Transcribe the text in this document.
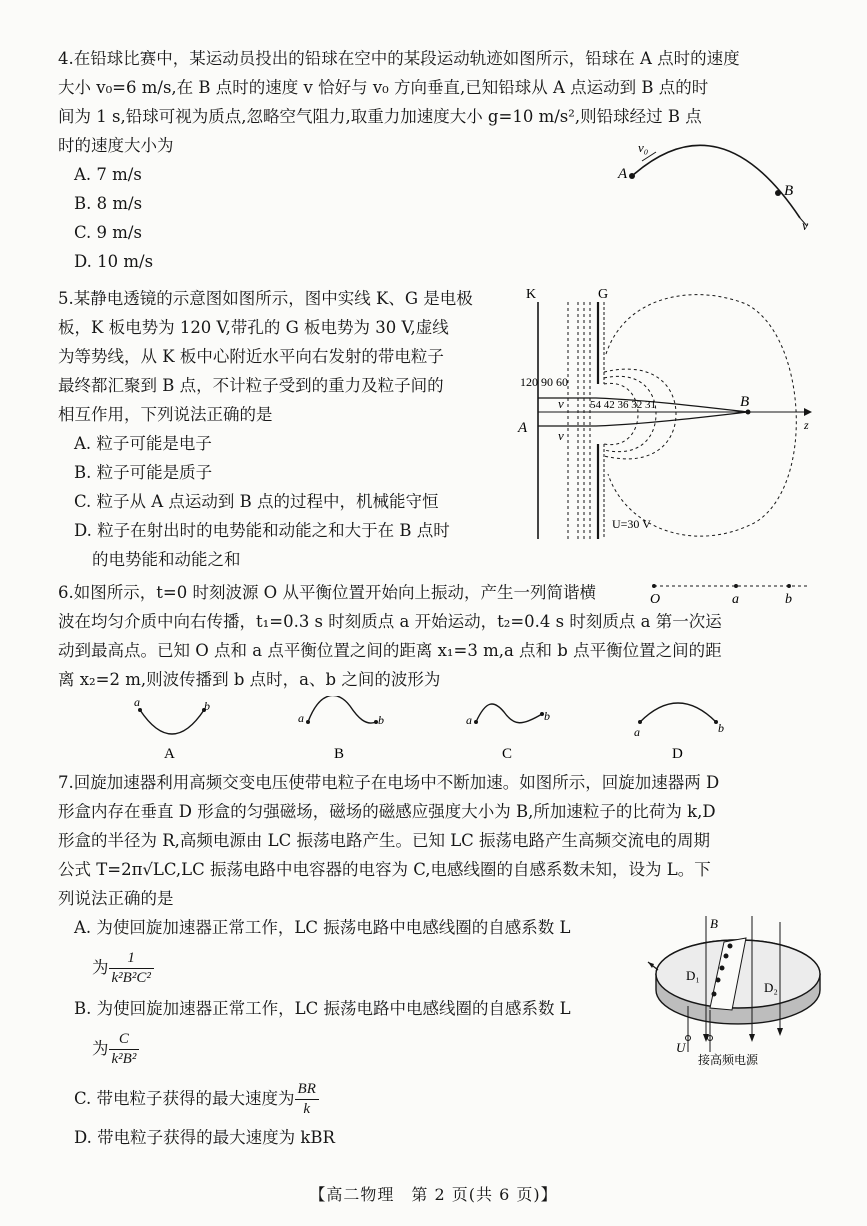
4.在铅球比赛中，某运动员投出的铅球在空中的某段运动轨迹如图所示，铅球在 A 点时的速度
大小 v₀=6 m/s,在 B 点时的速度 v 恰好与 v₀ 方向垂直,已知铅球从 A 点运动到 B 点的时
间为 1 s,铅球可视为质点,忽略空气阻力,取重力加速度大小 g=10 m/s²,则铅球经过 B 点
时的速度大小为
A. 7 m/s
B. 8 m/s
C. 9 m/s
D. 10 m/s
v₀
A
B
v
5.某静电透镜的示意图如图所示，图中实线 K、G 是电极
板，K 板电势为 120 V,带孔的 G 板电势为 30 V,虚线
为等势线，从 K 板中心附近水平向右发射的带电粒子
最终都汇聚到 B 点，不计粒子受到的重力及粒子间的
相互作用，下列说法正确的是
A. 粒子可能是电子
B. 粒子可能是质子
C. 粒子从 A 点运动到 B 点的过程中，机械能守恒
D. 粒子在射出时的电势能和动能之和大于在 B 点时
的电势能和动能之和
K	G
120 90 60
54 42 36 32 31
v
v
A
B
z
U=30 V
6.如图所示，t=0 时刻波源 O 从平衡位置开始向上振动，产生一列简谐横
波在均匀介质中向右传播，t₁=0.3 s 时刻质点 a 开始运动，t₂=0.4 s 时刻质点 a 第一次运
动到最高点。已知 O 点和 a 点平衡位置之间的距离 x₁=3 m,a 点和 b 点平衡位置之间的距
离 x₂=2 m,则波传播到 b 点时，a、b 之间的波形为
O	a	b
a	b
A
a	b
B
a	b
C
a	b
D
7.回旋加速器利用高频交变电压使带电粒子在电场中不断加速。如图所示，回旋加速器两 D
形盒内存在垂直 D 形盒的匀强磁场，磁场的磁感应强度大小为 B,所加速粒子的比荷为 k,D
形盒的半径为 R,高频电源由 LC 振荡电路产生。已知 LC 振荡电路产生高频交流电的周期
公式 T=2π√LC,LC 振荡电路中电容器的电容为 C,电感线圈的自感系数未知，设为 L。下
列说法正确的是
A. 为使回旋加速器正常工作，LC 振荡电路中电感线圈的自感系数 L
为 $\frac{1}{\text{k²B²C²}}$
B. 为使回旋加速器正常工作，LC 振荡电路中电感线圈的自感系数 L
为 $\frac{C}{\text{k²B²}}$
C. 带电粒子获得的最大速度为 $\frac{BR}{k}$
D. 带电粒子获得的最大速度为 kBR
B
D₁
D₂
U
接高频电源
【高二物理　第 2 页(共 6 页)】
